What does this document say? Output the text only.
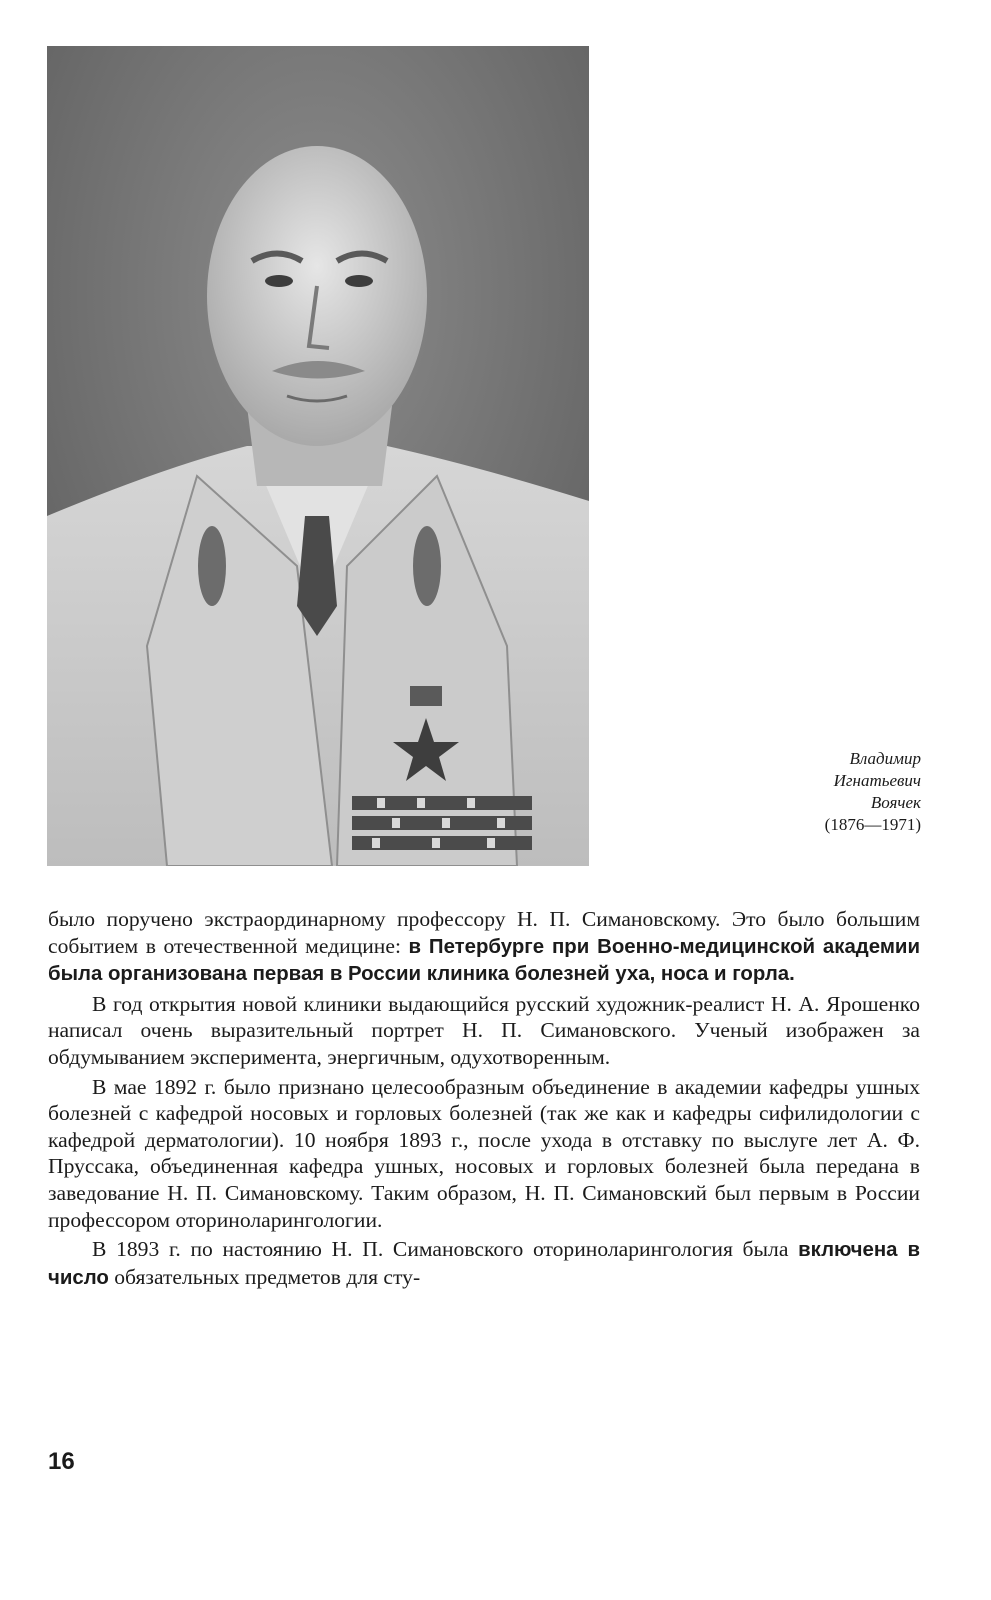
Владимир
Игнатьевич
Воячек
(1876—1971)

было поручено экстраординарному профессору Н. П. Симановскому. Это было большим событием в отечественной медицине: в Петербурге при Военно-медицинской академии была организована первая в России клиника болезней уха, носа и горла.

В год открытия новой клиники выдающийся русский художник-реалист Н. А. Ярошенко написал очень выразительный портрет Н. П. Симановского. Ученый изображен за обдумыванием эксперимента, энергичным, одухотворенным.

В мае 1892 г. было признано целесообразным объединение в академии кафедры ушных болезней с кафедрой носовых и горловых болезней (так же как и кафедры сифилидологии с кафедрой дерматологии). 10 ноября 1893 г., после ухода в отставку по выслуге лет А. Ф. Пруссака, объединенная кафедра ушных, носовых и горловых болезней была передана в заведование Н. П. Симановскому. Таким образом, Н. П. Симановский был первым в России профессором оториноларингологии.

В 1893 г. по настоянию Н. П. Симановского оториноларингология была включена в число обязательных предметов для сту-

16
